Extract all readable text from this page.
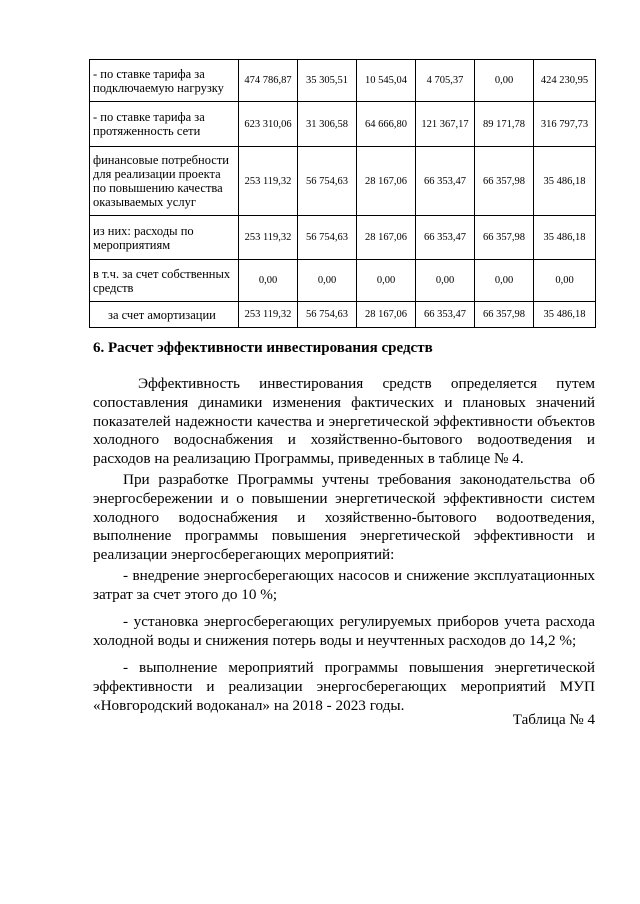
- по ставке тарифа за подключаемую нагрузку	474 786,87	35 305,51	10 545,04	4 705,37	0,00	424 230,95
- по ставке тарифа за протяженность сети	623 310,06	31 306,58	64 666,80	121 367,17	89 171,78	316 797,73
финансовые потребности для реализации проекта по повышению качества оказываемых услуг	253 119,32	56 754,63	28 167,06	66 353,47	66 357,98	35 486,18
из них: расходы по мероприятиям	253 119,32	56 754,63	28 167,06	66 353,47	66 357,98	35 486,18
в т.ч. за счет собственных средств	0,00	0,00	0,00	0,00	0,00	0,00
за счет амортизации	253 119,32	56 754,63	28 167,06	66 353,47	66 357,98	35 486,18
6. Расчет эффективности инвестирования средств

Эффективность инвестирования средств определяется путем сопоставления динамики изменения фактических и плановых значений показателей надежности качества и энергетической эффективности объектов холодного водоснабжения и хозяйственно-бытового водоотведения и расходов на реализацию Программы, приведенных в таблице № 4.

При разработке Программы учтены требования законодательства об энергосбережении и о повышении энергетической эффективности систем холодного водоснабжения и хозяйственно-бытового водоотведения, выполнение программы повышения энергетической эффективности и реализации энергосберегающих мероприятий:

- внедрение энергосберегающих насосов и снижение эксплуатационных затрат за счет этого до 10 %;

- установка энергосберегающих регулируемых приборов учета расхода холодной воды и снижения потерь воды и неучтенных расходов до 14,2 %;

- выполнение мероприятий программы повышения энергетической эффективности и реализации энергосберегающих мероприятий МУП «Новгородский водоканал» на 2018 - 2023 годы.

Таблица № 4
